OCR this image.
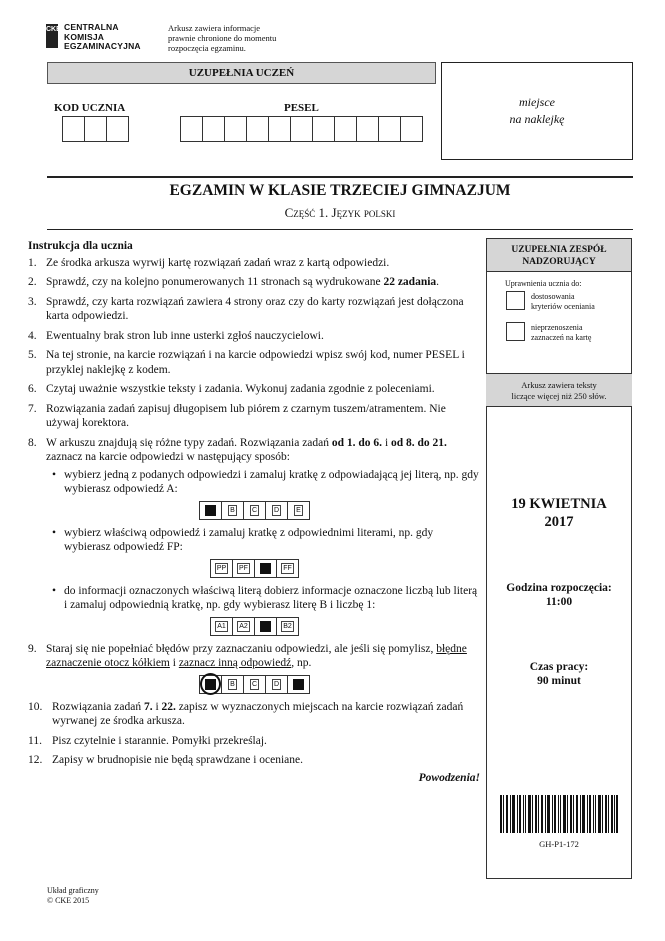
CKE CENTRALNA
KOMISJA
EGZAMINACYJNA
Arkusz zawiera informacje
prawnie chronione do momentu
rozpoczęcia egzaminu.
UZUPEŁNIA UCZEŃ
KOD UCZNIA	PESEL	miejsce
na naklejkę
EGZAMIN W KLASIE TRZECIEJ GIMNAZJUM
Część 1. Język polski
Instrukcja dla ucznia
1. Ze środka arkusza wyrwij kartę rozwiązań zadań wraz z kartą odpowiedzi.
2. Sprawdź, czy na kolejno ponumerowanych 11 stronach są wydrukowane 22 zadania.
3. Sprawdź, czy karta rozwiązań zawiera 4 strony oraz czy do karty rozwiązań jest dołączona karta odpowiedzi.
4. Ewentualny brak stron lub inne usterki zgłoś nauczycielowi.
5. Na tej stronie, na karcie rozwiązań i na karcie odpowiedzi wpisz swój kod, numer PESEL i przyklej naklejkę z kodem.
6. Czytaj uważnie wszystkie teksty i zadania. Wykonuj zadania zgodnie z poleceniami.
7. Rozwiązania zadań zapisuj długopisem lub piórem z czarnym tuszem/atramentem. Nie używaj korektora.
8. W arkuszu znajdują się różne typy zadań. Rozwiązania zadań od 1. do 6. i od 8. do 21. zaznacz na karcie odpowiedzi w następujący sposób:
• wybierz jedną z podanych odpowiedzi i zamaluj kratkę z odpowiadającą jej literą, np. gdy wybierasz odpowiedź A:
B C D E
• wybierz właściwą odpowiedź i zamaluj kratkę z odpowiednimi literami, np. gdy wybierasz odpowiedź FP:
PP PF	FF
• do informacji oznaczonych właściwą literą dobierz informacje oznaczone liczbą lub literą i zamaluj odpowiednią kratkę, np. gdy wybierasz literę B i liczbę 1:
A1 A2	B2
9. Staraj się nie popełniać błędów przy zaznaczaniu odpowiedzi, ale jeśli się pomylisz, błędne zaznaczenie otocz kółkiem i zaznacz inną odpowiedź, np.
B C D
10. Rozwiązania zadań 7. i 22. zapisz w wyznaczonych miejscach na karcie rozwiązań zadań wyrwanej ze środka arkusza.
11. Pisz czytelnie i starannie. Pomyłki przekreślaj.
12. Zapisy w brudnopisie nie będą sprawdzane i oceniane.
Powodzenia!
UZUPEŁNIA ZESPÓŁ
NADZORUJĄCY
Uprawnienia ucznia do:
dostosowania
kryteriów oceniania
nieprzenoszenia
zaznaczeń na kartę
Arkusz zawiera teksty
liczące więcej niż 250 słów.
19 KWIETNIA
2017
Godzina rozpoczęcia:
11:00
Czas pracy:
90 minut
GH-P1-172
Układ graficzny
© CKE 2015
